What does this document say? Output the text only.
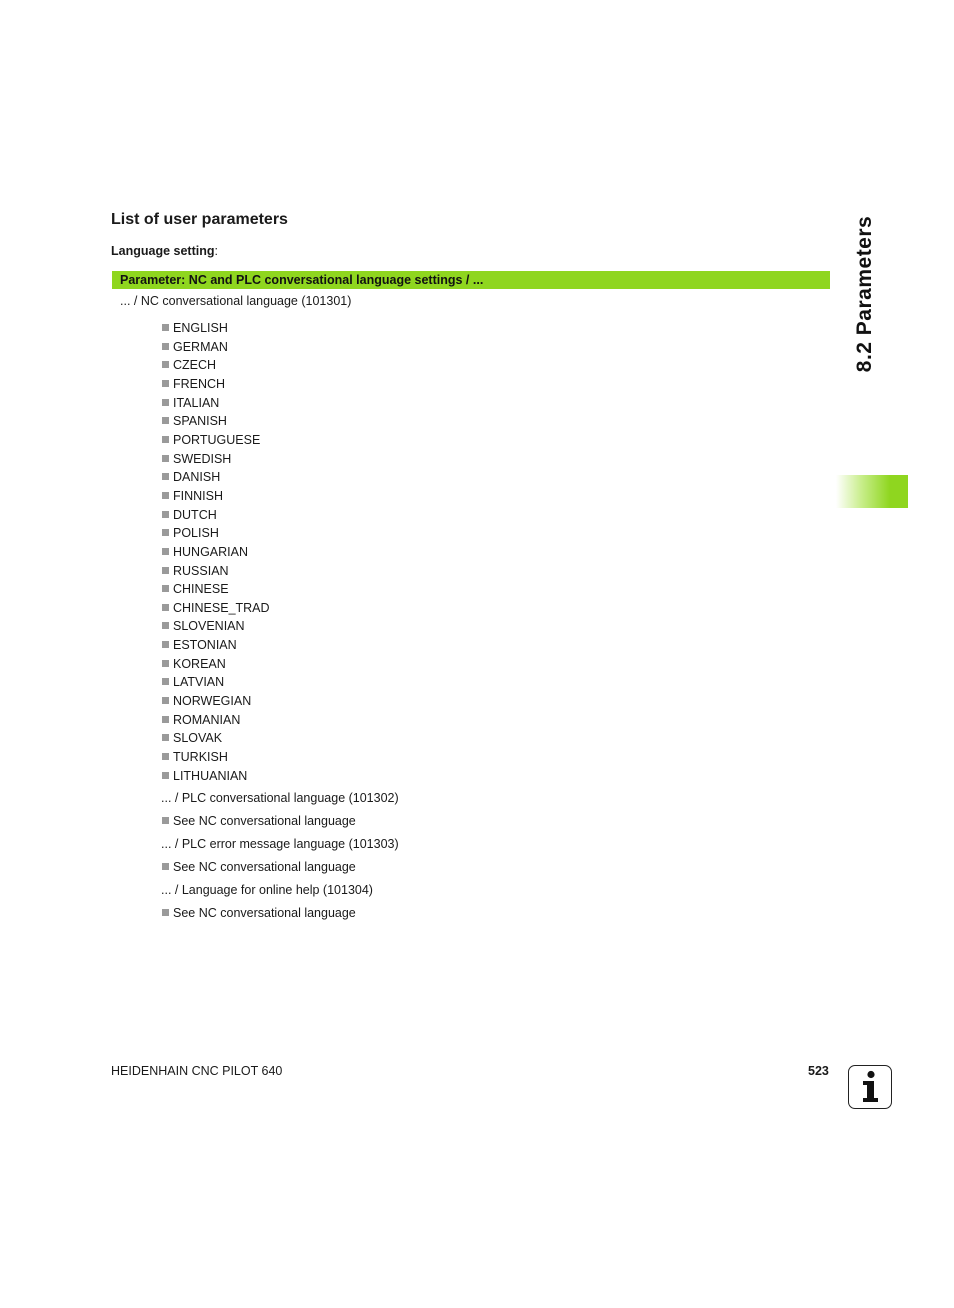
List of user parameters
Language setting:
Parameter: NC and PLC conversational language settings / ...
... / NC conversational language (101301)
ENGLISH
GERMAN
CZECH
FRENCH
ITALIAN
SPANISH
PORTUGUESE
SWEDISH
DANISH
FINNISH
DUTCH
POLISH
HUNGARIAN
RUSSIAN
CHINESE
CHINESE_TRAD
SLOVENIAN
ESTONIAN
KOREAN
LATVIAN
NORWEGIAN
ROMANIAN
SLOVAK
TURKISH
LITHUANIAN
... / PLC conversational language (101302)
See NC conversational language
... / PLC error message language (101303)
See NC conversational language
... / Language for online help (101304)
See NC conversational language
8.2 Parameters
HEIDENHAIN CNC PILOT 640	523
